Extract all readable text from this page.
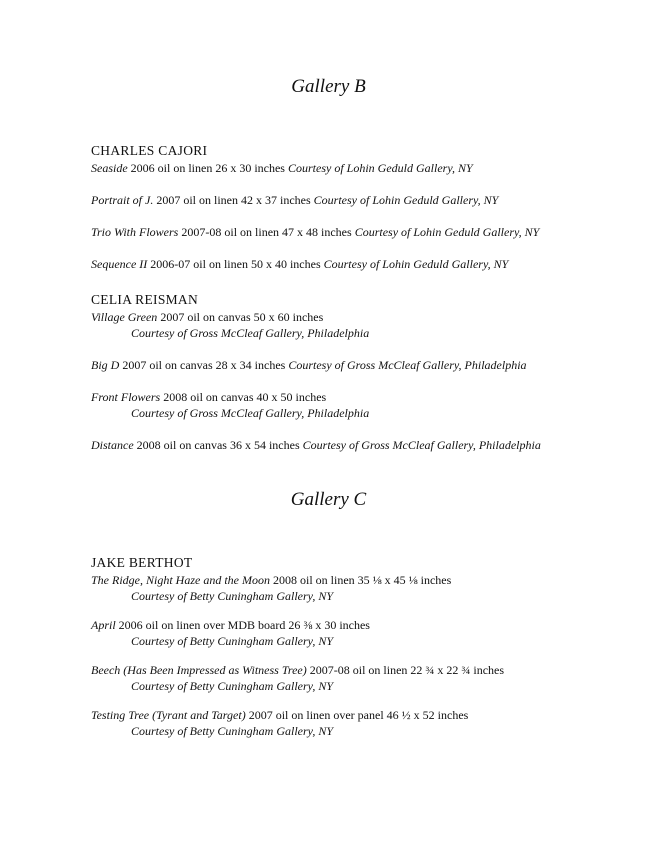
Gallery B
CHARLES CAJORI
Seaside 2006 oil on linen 26 x 30 inches Courtesy of Lohin Geduld Gallery, NY
Portrait of J. 2007 oil on linen 42 x 37 inches Courtesy of Lohin Geduld Gallery, NY
Trio With Flowers 2007-08 oil on linen 47 x 48 inches Courtesy of Lohin Geduld Gallery, NY
Sequence II 2006-07 oil on linen 50 x 40 inches Courtesy of Lohin Geduld Gallery, NY
CELIA REISMAN
Village Green 2007 oil on canvas 50 x 60 inches
Courtesy of Gross McCleaf Gallery, Philadelphia
Big D 2007 oil on canvas 28 x 34 inches Courtesy of Gross McCleaf Gallery, Philadelphia
Front Flowers 2008 oil on canvas 40 x 50 inches
Courtesy of Gross McCleaf Gallery, Philadelphia
Distance 2008 oil on canvas 36 x 54 inches Courtesy of Gross McCleaf Gallery, Philadelphia
Gallery C
JAKE BERTHOT
The Ridge, Night Haze and the Moon 2008 oil on linen 35 ⅛ x 45 ⅛ inches
Courtesy of Betty Cuningham Gallery, NY
April 2006 oil on linen over MDB board 26 ⅜ x 30 inches
Courtesy of Betty Cuningham Gallery, NY
Beech (Has Been Impressed as Witness Tree) 2007-08 oil on linen 22 ¾ x 22 ¾ inches
Courtesy of Betty Cuningham Gallery, NY
Testing Tree (Tyrant and Target) 2007 oil on linen over panel 46 ½ x 52 inches
Courtesy of Betty Cuningham Gallery, NY
